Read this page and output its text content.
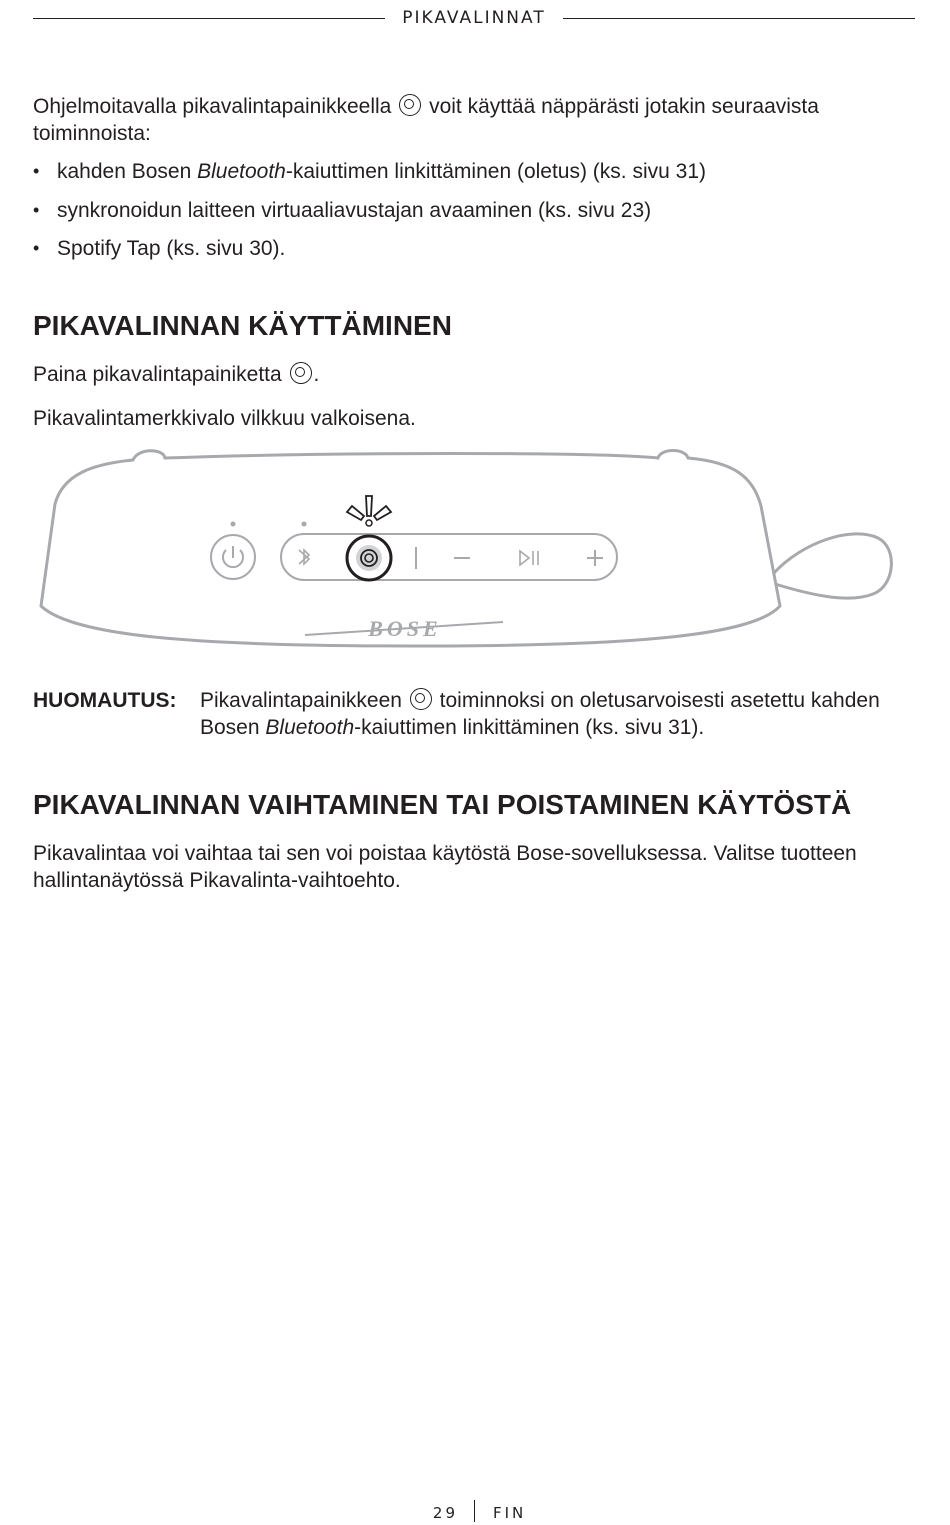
PIKAVALINNAT
Ohjelmoitavalla pikavalintapainikkeella voit käyttää näppärästi jotakin seuraavista toiminnoista:
• kahden Bosen Bluetooth-kaiuttimen linkittäminen (oletus) (ks. sivu 31)
• synkronoidun laitteen virtuaaliavustajan avaaminen (ks. sivu 23)
• Spotify Tap (ks. sivu 30).
PIKAVALINNAN KÄYTTÄMINEN
Paina pikavalintapainiketta .
Pikavalintamerkkivalo vilkkuu valkoisena.
BOSE
HUOMAUTUS: Pikavalintapainikkeen toiminnoksi on oletusarvoisesti asetettu kahden Bosen Bluetooth-kaiuttimen linkittäminen (ks. sivu 31).
PIKAVALINNAN VAIHTAMINEN TAI POISTAMINEN KÄYTÖSTÄ
Pikavalintaa voi vaihtaa tai sen voi poistaa käytöstä Bose-sovelluksessa. Valitse tuotteen hallintanäytössä Pikavalinta-vaihtoehto.
29 FIN
